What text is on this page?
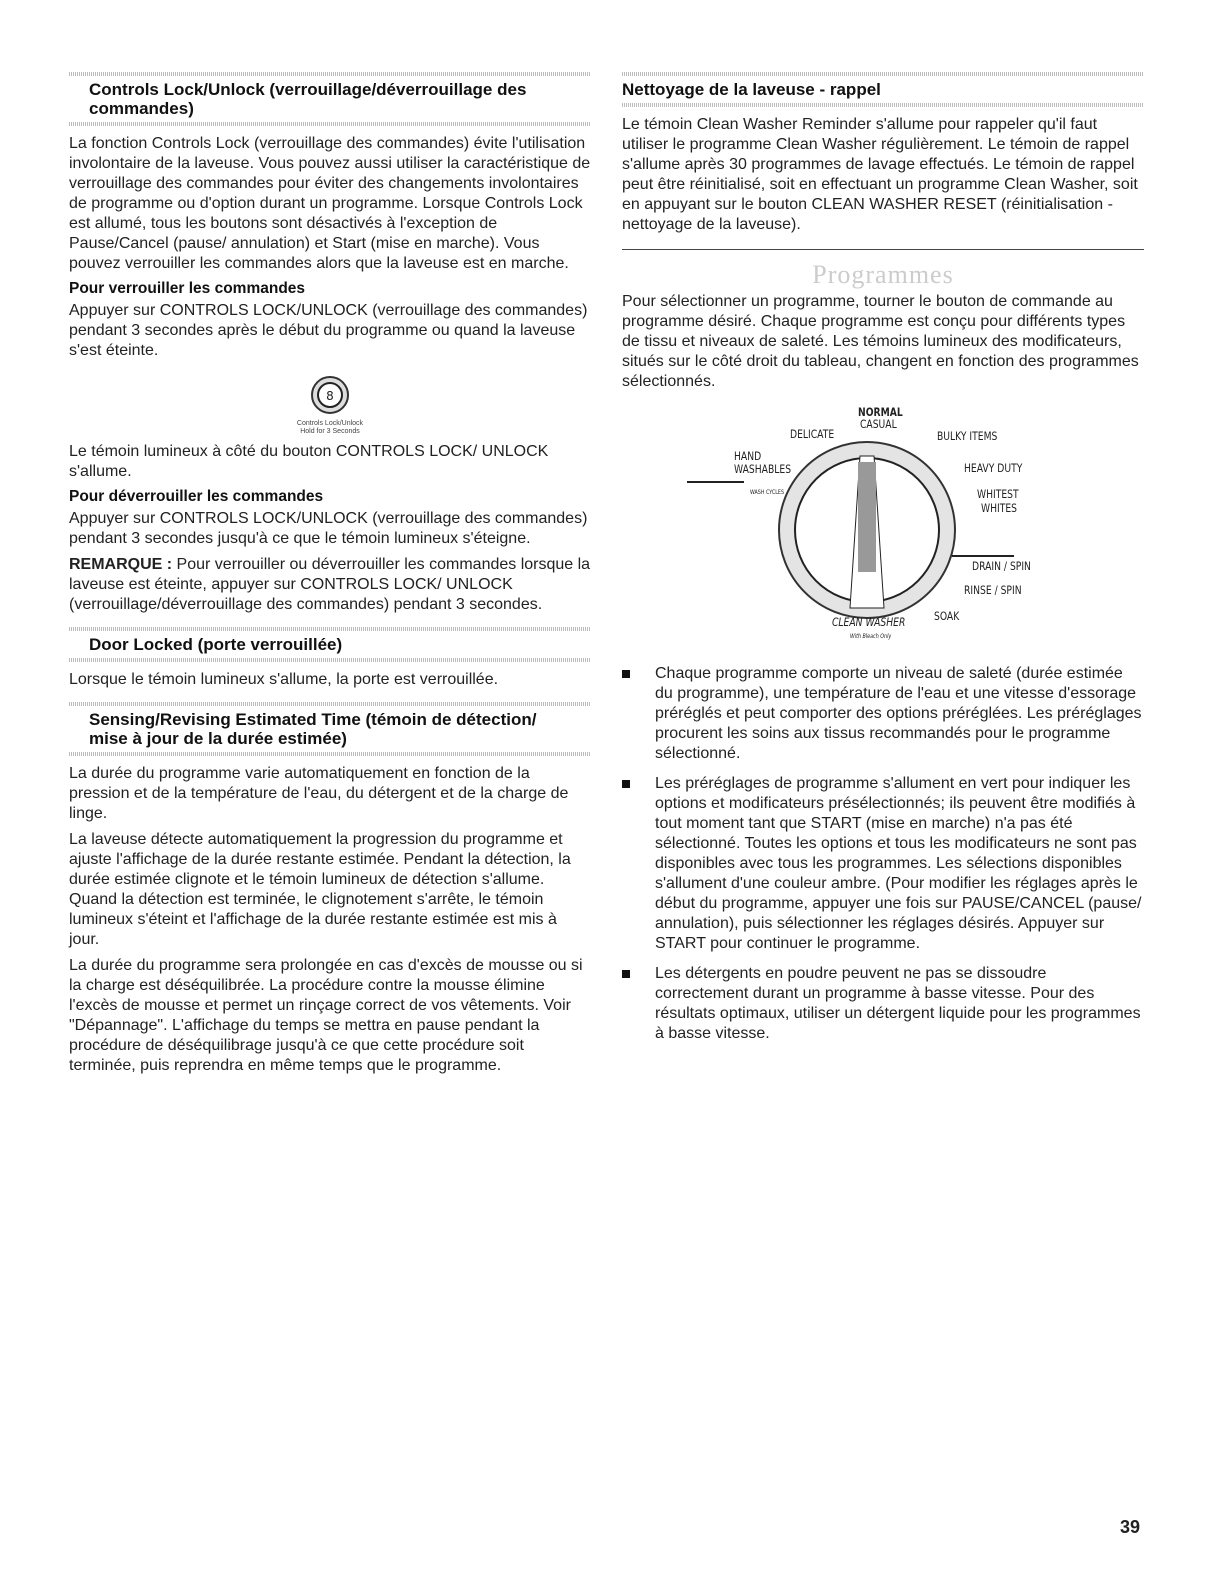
Controls Lock/Unlock (verrouillage/déverrouillage des commandes)

La fonction Controls Lock (verrouillage des commandes) évite l'utilisation involontaire de la laveuse. Vous pouvez aussi utiliser la caractéristique de verrouillage des commandes pour éviter des changements involontaires de programme ou d'option durant un programme. Lorsque Controls Lock est allumé, tous les boutons sont désactivés à l'exception de Pause/Cancel (pause/ annulation) et Start (mise en marche). Vous pouvez verrouiller les commandes alors que la laveuse est en marche.

Pour verrouiller les commandes

Appuyer sur CONTROLS LOCK/UNLOCK (verrouillage des commandes) pendant 3 secondes après le début du programme ou quand la laveuse s'est éteinte.

8
Controls Lock/Unlock
Hold for 3 Seconds

Le témoin lumineux à côté du bouton CONTROLS LOCK/ UNLOCK s'allume.

Pour déverrouiller les commandes

Appuyer sur CONTROLS LOCK/UNLOCK (verrouillage des commandes) pendant 3 secondes jusqu'à ce que le témoin lumineux s'éteigne.

REMARQUE : Pour verrouiller ou déverrouiller les commandes lorsque la laveuse est éteinte, appuyer sur CONTROLS LOCK/ UNLOCK (verrouillage/déverrouillage des commandes) pendant 3 secondes.

Door Locked (porte verrouillée)

Lorsque le témoin lumineux s'allume, la porte est verrouillée.

Sensing/Revising Estimated Time (témoin de détection/ mise à jour de la durée estimée)

La durée du programme varie automatiquement en fonction de la pression et de la température de l'eau, du détergent et de la charge de linge.

La laveuse détecte automatiquement la progression du programme et ajuste l'affichage de la durée restante estimée. Pendant la détection, la durée estimée clignote et le témoin lumineux de détection s'allume. Quand la détection est terminée, le clignotement s'arrête, le témoin lumineux s'éteint et l'affichage de la durée restante estimée est mis à jour.

La durée du programme sera prolongée en cas d'excès de mousse ou si la charge est déséquilibrée. La procédure contre la mousse élimine l'excès de mousse et permet un rinçage correct de vos vêtements. Voir "Dépannage". L'affichage du temps se mettra en pause pendant la procédure de déséquilibrage jusqu'à ce que cette procédure soit terminée, puis reprendra en même temps que le programme.

Nettoyage de la laveuse - rappel

Le témoin Clean Washer Reminder s'allume pour rappeler qu'il faut utiliser le programme Clean Washer régulièrement. Le témoin de rappel s'allume après 30 programmes de lavage effectués. Le témoin de rappel peut être réinitialisé, soit en effectuant un programme Clean Washer, soit en appuyant sur le bouton CLEAN WASHER RESET (réinitialisation - nettoyage de la laveuse).

Programmes

Pour sélectionner un programme, tourner le bouton de commande au programme désiré. Chaque programme est conçu pour différents types de tissu et niveaux de saleté. Les témoins lumineux des modificateurs, situés sur le côté droit du tableau, changent en fonction des programmes sélectionnés.

NORMAL
CASUAL
DELICATE	BULKY ITEMS
HAND
WASHABLES
WASH CYCLES
HEAVY DUTY
WHITEST
WHITES
DRAIN / SPIN
RINSE / SPIN
SOAK
CLEAN WASHER
With Bleach Only
Chaque programme comporte un niveau de saleté (durée estimée du programme), une température de l'eau et une vitesse d'essorage préréglés et peut comporter des options préréglées. Les préréglages procurent les soins aux tissus recommandés pour le programme sélectionné.
Les préréglages de programme s'allument en vert pour indiquer les options et modificateurs présélectionnés; ils peuvent être modifiés à tout moment tant que START (mise en marche) n'a pas été sélectionné. Toutes les options et tous les modificateurs ne sont pas disponibles avec tous les programmes. Les sélections disponibles s'allument d'une couleur ambre. (Pour modifier les réglages après le début du programme, appuyer une fois sur PAUSE/CANCEL (pause/ annulation), puis sélectionner les réglages désirés. Appuyer sur START pour continuer le programme.
Les détergents en poudre peuvent ne pas se dissoudre correctement durant un programme à basse vitesse. Pour des résultats optimaux, utiliser un détergent liquide pour les programmes à basse vitesse.
39
